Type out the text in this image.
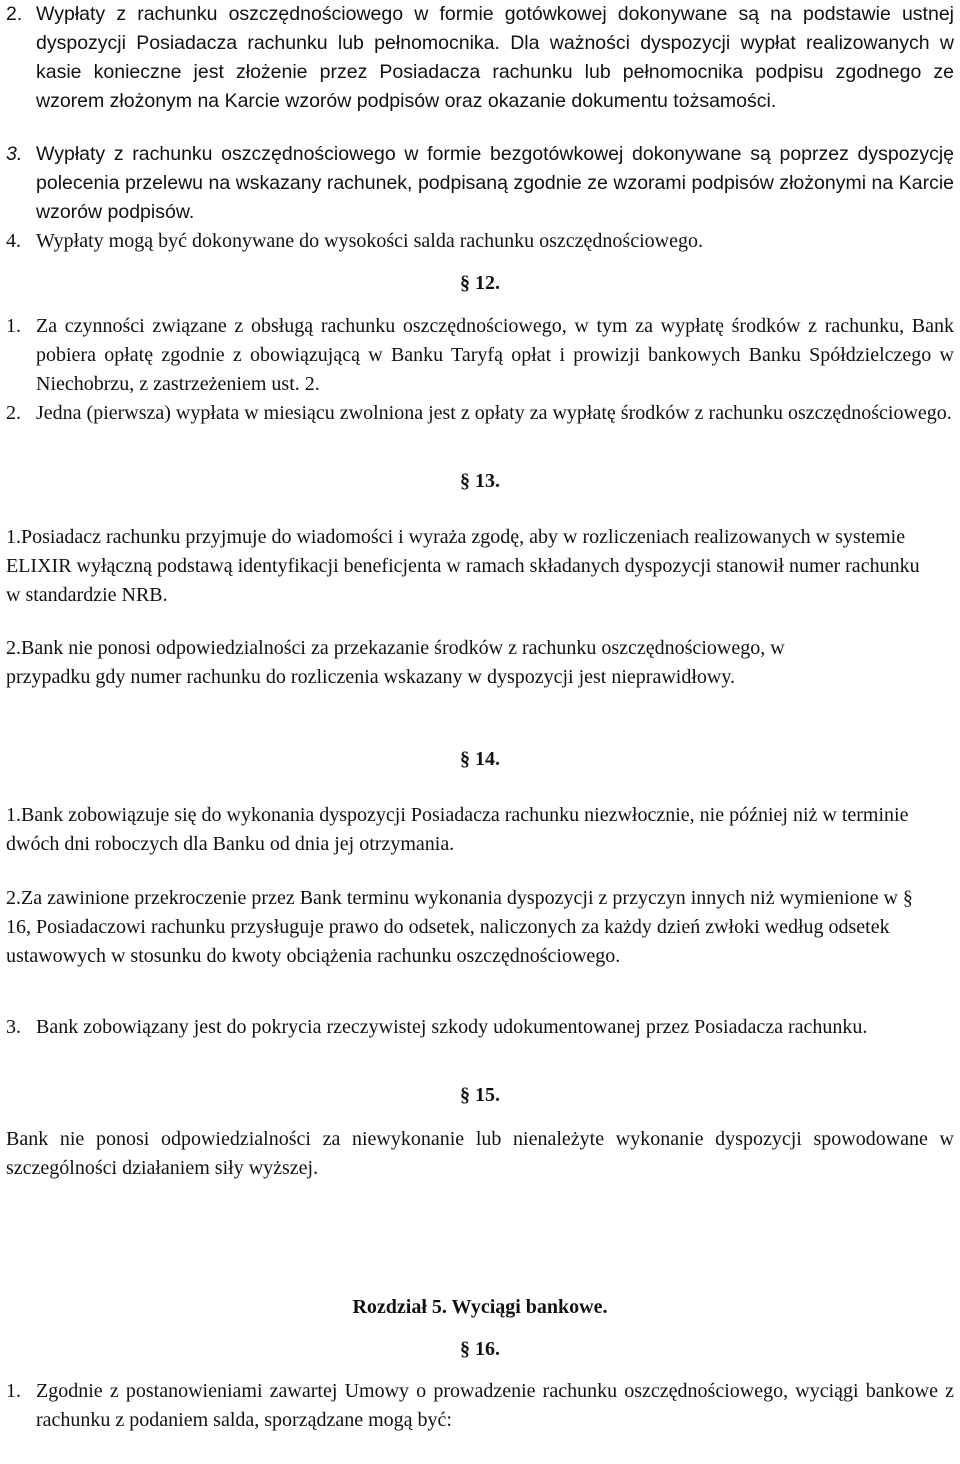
2. Wypłaty z rachunku oszczędnościowego w formie gotówkowej dokonywane są na podstawie ustnej dyspozycji Posiadacza rachunku lub pełnomocnika. Dla ważności dyspozycji wypłat realizowanych w kasie konieczne jest złożenie przez Posiadacza rachunku lub pełnomocnika podpisu zgodnego ze wzorem złożonym na Karcie wzorów podpisów oraz okazanie dokumentu tożsamości.
3. Wypłaty z rachunku oszczędnościowego w formie bezgotówkowej dokonywane są poprzez dyspozycję polecenia przelewu na wskazany rachunek, podpisaną zgodnie ze wzorami podpisów złożonymi na Karcie wzorów podpisów.
4. Wypłaty mogą być dokonywane do wysokości salda rachunku oszczędnościowego.
§ 12.
1. Za czynności związane z obsługą rachunku oszczędnościowego, w tym za wypłatę środków z rachunku, Bank pobiera opłatę zgodnie z obowiązującą w Banku Taryfą opłat i prowizji bankowych Banku Spółdzielczego w Niechobrzu, z zastrzeżeniem ust. 2.
2. Jedna (pierwsza) wypłata w miesiącu zwolniona jest z opłaty za wypłatę środków z rachunku oszczędnościowego.
§ 13.
1.Posiadacz rachunku przyjmuje do wiadomości i wyraża zgodę, aby w rozliczeniach realizowanych w systemie ELIXIR wyłączną podstawą identyfikacji beneficjenta w ramach składanych dyspozycji stanowił numer rachunku w standardzie NRB.
2.Bank nie ponosi odpowiedzialności za przekazanie środków z rachunku oszczędnościowego, w przypadku gdy numer rachunku do rozliczenia wskazany w dyspozycji jest nieprawidłowy.
§ 14.
1.Bank zobowiązuje się do wykonania dyspozycji Posiadacza rachunku niezwłocznie, nie później niż w terminie dwóch dni roboczych dla Banku od dnia jej otrzymania.
2.Za zawinione przekroczenie przez Bank terminu wykonania dyspozycji z przyczyn innych niż wymienione w § 16, Posiadaczowi rachunku przysługuje prawo do odsetek, naliczonych za każdy dzień zwłoki według odsetek ustawowych w stosunku do kwoty obciążenia rachunku oszczędnościowego.
3. Bank zobowiązany jest do pokrycia rzeczywistej szkody udokumentowanej przez Posiadacza rachunku.
§ 15.
Bank nie ponosi odpowiedzialności za niewykonanie lub nienależyte wykonanie dyspozycji spowodowane w szczególności działaniem siły wyższej.
Rozdział 5. Wyciągi bankowe.
§ 16.
1. Zgodnie z postanowieniami zawartej Umowy o prowadzenie rachunku oszczędnościowego, wyciągi bankowe z rachunku z podaniem salda, sporządzane mogą być:
